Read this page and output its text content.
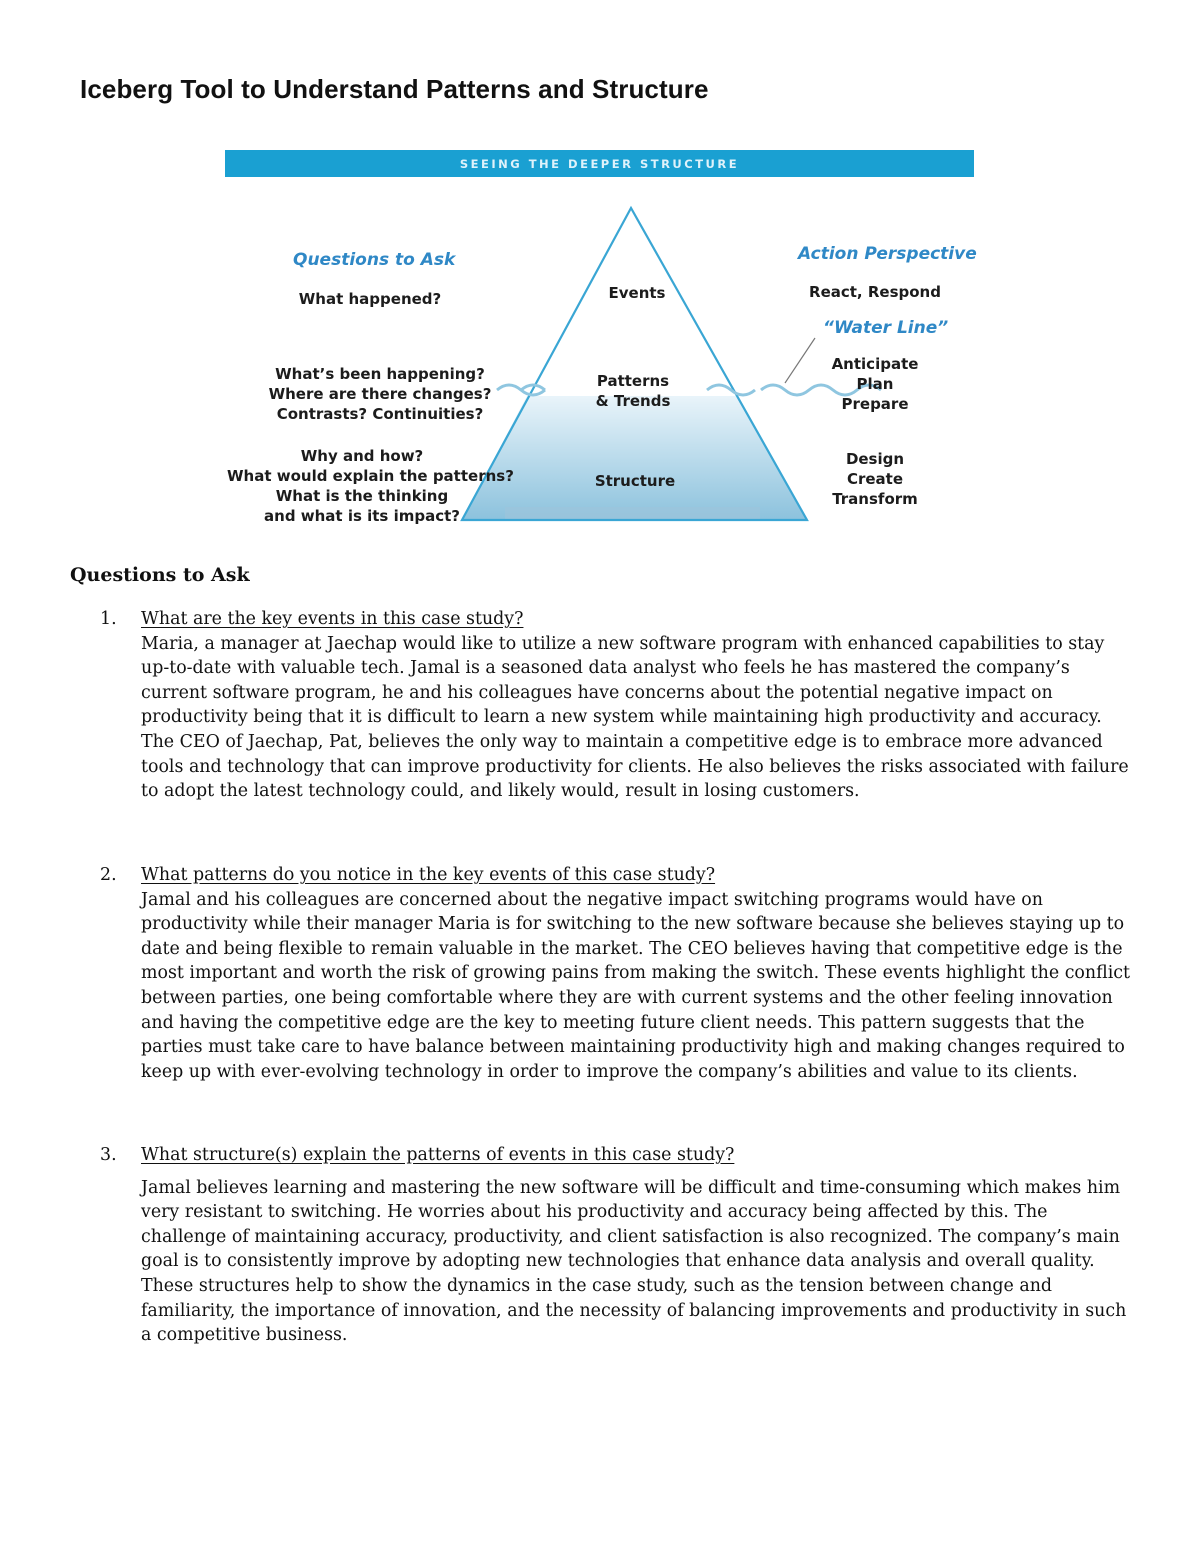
Iceberg Tool to Understand Patterns and Structure
SEEING THE DEEPER STRUCTURE
Questions to Ask	Action Perspective
Events
Patterns
& Trends
Structure
What happened?
What’s been happening?
Where are there changes?
Contrasts? Continuities?
Why and how?
What would explain the patterns?
What is the thinking
and what is its impact?
React, Respond
“Water Line”
Anticipate
Plan
Prepare
Design
Create
Transform
Questions to Ask
1.	What are the key events in this case study?

Maria, a manager at Jaechap would like to utilize a new software program with enhanced capabilities to stay up-to-date with valuable tech. Jamal is a seasoned data analyst who feels he has mastered the company’s current software program, he and his colleagues have concerns about the potential negative impact on productivity being that it is difficult to learn a new system while maintaining high productivity and accuracy. The CEO of Jaechap, Pat, believes the only way to maintain a competitive edge is to embrace more advanced tools and technology that can improve productivity for clients. He also believes the risks associated with failure to adopt the latest technology could, and likely would, result in losing customers.

2.	What patterns do you notice in the key events of this case study?

Jamal and his colleagues are concerned about the negative impact switching programs would have on productivity while their manager Maria is for switching to the new software because she believes staying up to date and being flexible to remain valuable in the market. The CEO believes having that competitive edge is the most important and worth the risk of growing pains from making the switch. These events highlight the conflict between parties, one being comfortable where they are with current systems and the other feeling innovation and having the competitive edge are the key to meeting future client needs. This pattern suggests that the parties must take care to have balance between maintaining productivity high and making changes required to keep up with ever-evolving technology in order to improve the company’s abilities and value to its clients.

3.	What structure(s) explain the patterns of events in this case study?

Jamal believes learning and mastering the new software will be difficult and time-consuming which makes him very resistant to switching. He worries about his productivity and accuracy being affected by this. The challenge of maintaining accuracy, productivity, and client satisfaction is also recognized. The company’s main goal is to consistently improve by adopting new technologies that enhance data analysis and overall quality. These structures help to show the dynamics in the case study, such as the tension between change and familiarity, the importance of innovation, and the necessity of balancing improvements and productivity in such a competitive business.
